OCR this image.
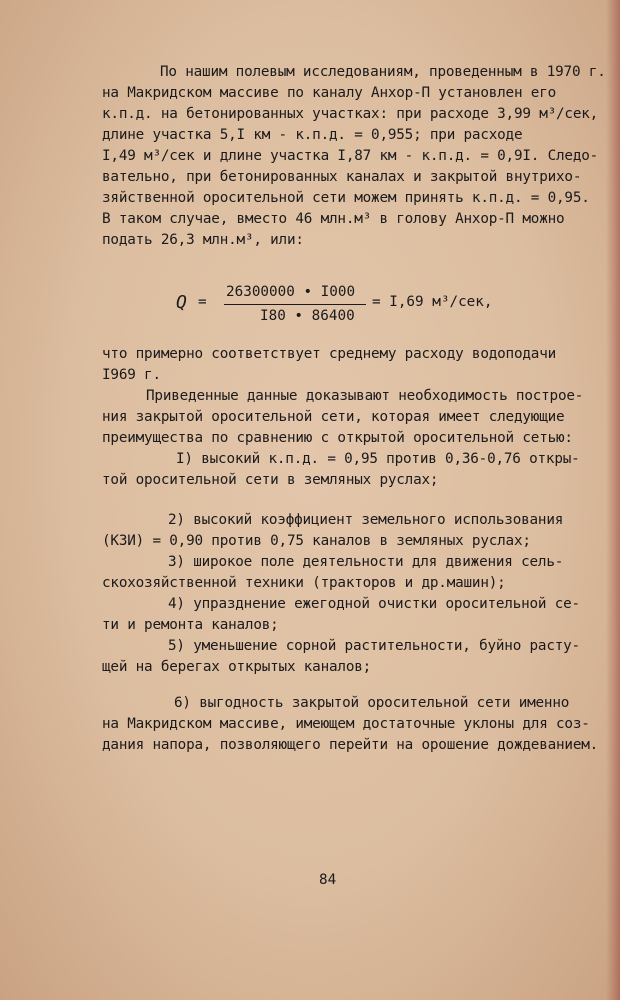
По нашим полевым исследованиям, проведенным в 1970 г.
на Макридском массиве по каналу Анхор-П установлен его
к.п.д. на бетонированных участках: при расходе 3,99 м³/сек,
длине участка 5,I км - к.п.д. = 0,955; при расходе
I,49 м³/сек и длине участка I,87 км - к.п.д. = 0,9I. Следо-
вательно, при бетонированных каналах и закрытой внутрихо-
зяйственной оросительной сети можем принять к.п.д. = 0,95.
В таком случае, вместо 46 млн.м³ в голову Анхор-П можно
подать 26,3 млн.м³, или:
Q =
26300000 • I000
I80 • 86400
= I,69 м³/сек,
что примерно соответствует среднему расходу водоподачи
I969 г.
Приведенные данные доказывают необходимость построе-
ния закрытой оросительной сети, которая имеет следующие
преимущества по сравнению с открытой оросительной сетью:
I) высокий к.п.д. = 0,95 против 0,36-0,76 откры-
той оросительной сети в земляных руслах;
2) высокий коэффициент земельного использования
(КЗИ) = 0,90 против 0,75 каналов в земляных руслах;
3) широкое поле деятельности для движения сель-
скохозяйственной техники (тракторов и др.машин);
4) упразднение ежегодной очистки оросительной се-
ти и ремонта каналов;
5) уменьшение сорной растительности, буйно расту-
щей на берегах открытых каналов;
6) выгодность закрытой оросительной сети именно
на Макридском массиве, имеющем достаточные уклоны для соз-
дания напора, позволяющего перейти на орошение дождеванием.
84
